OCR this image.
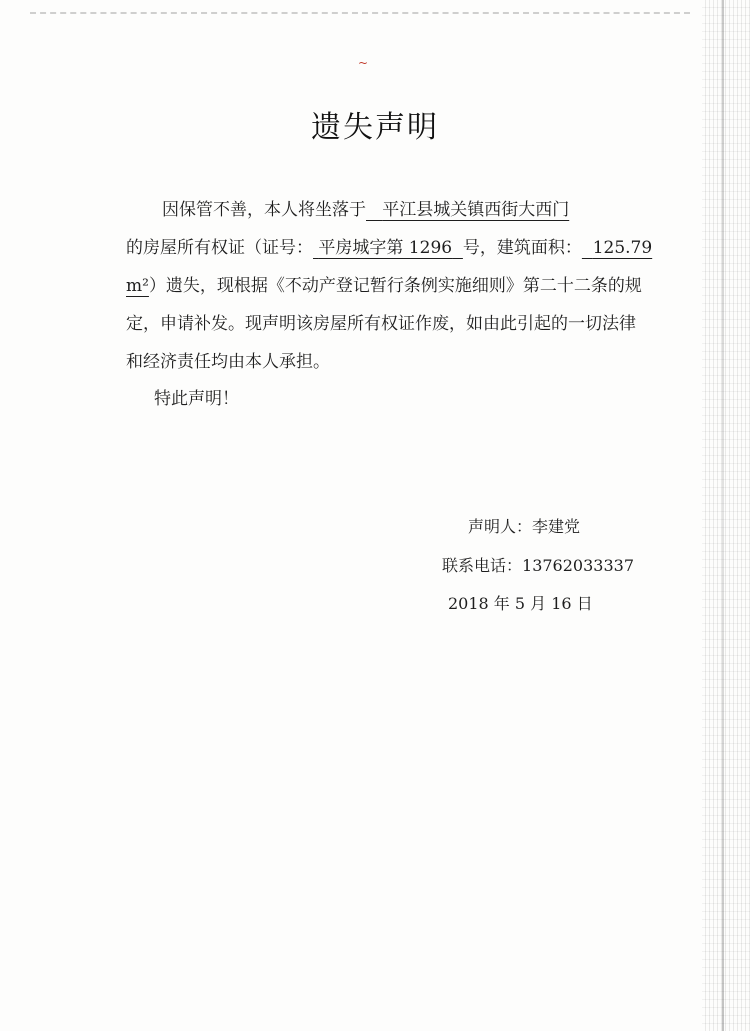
~
遗失声明
因保管不善，本人将坐落于 平江县城关镇西街大西门
的房屋所有权证（证号： 平房城字第 1296 号，建筑面积： 125.79
m²）遗失，现根据《不动产登记暂行条例实施细则》第二十二条的规
定，申请补发。现声明该房屋所有权证作废，如由此引起的一切法律
和经济责任均由本人承担。
特此声明！
声明人：李建党
联系电话：13762033337
2018 年 5 月 16 日
